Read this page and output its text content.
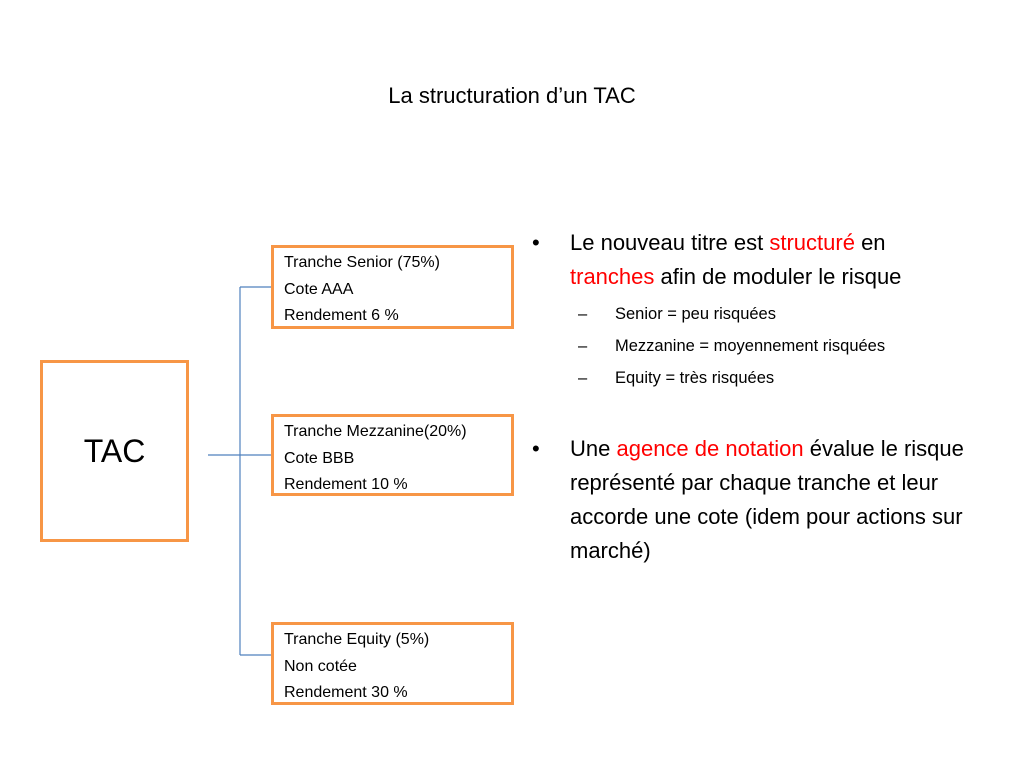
La structuration d’un TAC
TAC
Tranche Senior (75%)
Cote AAA
Rendement 6 %
Tranche Mezzanine(20%)
Cote BBB
Rendement 10 %
Tranche Equity (5%)
Non cotée
Rendement 30 %
• Le nouveau titre est structuré en tranches afin de moduler le risque
– Senior = peu risquées
– Mezzanine = moyennement risquées
– Equity = très risquées
• Une agence de notation évalue le risque représenté par chaque tranche et leur accorde une cote (idem pour actions sur marché)
